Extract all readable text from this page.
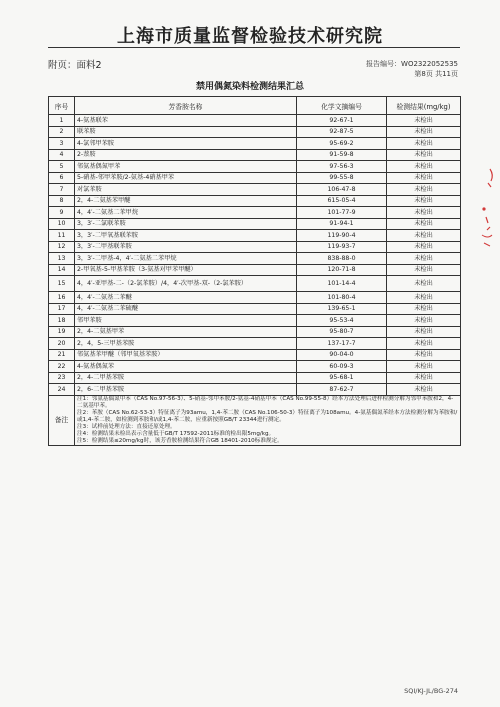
上海市质量监督检验技术研究院
附页：面料2	报告编号：WO2322052535
第8页 共11页
禁用偶氮染料检测结果汇总
序号	芳香胺名称	化学文摘编号	检测结果(mg/kg)
1	4-氨基联苯	92-67-1	未检出
2	联苯胺	92-87-5	未检出
3	4-氯邻甲苯胺	95-69-2	未检出
4	2-萘胺	91-59-8	未检出
5	邻氨基偶氮甲苯	97-56-3	未检出
6	5-硝基-邻甲苯胺/2-氨基-4硝基甲苯	99-55-8	未检出
7	对氯苯胺	106-47-8	未检出
8	2，4-二氨基苯甲醚	615-05-4	未检出
9	4，4′-二氨基二苯甲烷	101-77-9	未检出
10	3，3′-二氯联苯胺	91-94-1	未检出
11	3，3′-二甲氧基联苯胺	119-90-4	未检出
12	3，3′-二甲基联苯胺	119-93-7	未检出
13	3，3′-二甲基-4，4′-二氨基二苯甲烷	838-88-0	未检出
14	2-甲氧基-5-甲基苯胺（3-氨基对甲苯甲醚）	120-71-8	未检出
15	4，4′-亚甲基-二-（2-氯苯胺）/4，4′-次甲基-双-（2-氯苯胺）	101-14-4	未检出
16	4，4′-二氨基二苯醚	101-80-4	未检出
17	4，4′-二氨基二苯硫醚	139-65-1	未检出
18	邻甲苯胺	95-53-4	未检出
19	2，4-二氨基甲苯	95-80-7	未检出
20	2，4，5-三甲基苯胺	137-17-7	未检出
21	邻氨基苯甲醚（邻甲氧基苯胺）	90-04-0	未检出
22	4-氨基偶氮苯	60-09-3	未检出
23	2，4-二甲基苯胺	95-68-1	未检出
24	2，6-二甲基苯胺	87-62-7	未检出
备注	注1：邻氨基偶氮甲苯（CAS No.97-56-3）、5-硝基-邻甲苯胺/2-氨基-4硝基甲苯（CAS No.99-55-8）经本方法处理后进样检测分解为邻甲苯胺和2，4-二氨基甲苯。
注2：苯胺（CAS No.62-53-3）特征离子为93amu，1,4-苯二胺（CAS No.106-50-3）特征离子为108amu。4-氨基偶氮苯经本方法检测分解为苯胺和/或1,4-苯二胺，如检测到苯胺和/或1,4-苯二胺，应重新按照GB/T 23344进行测定。
注3：试样前处理方法：直接还原处理。
注4：检测结果未检出表示含量低于GB/T 17592-2011标准的检出限5mg/kg。
注5：检测结果≤20mg/kg时，该芳香胺检测结果符合GB 18401-2010标准规定。		
SQI/KJ-JL/BG-274
